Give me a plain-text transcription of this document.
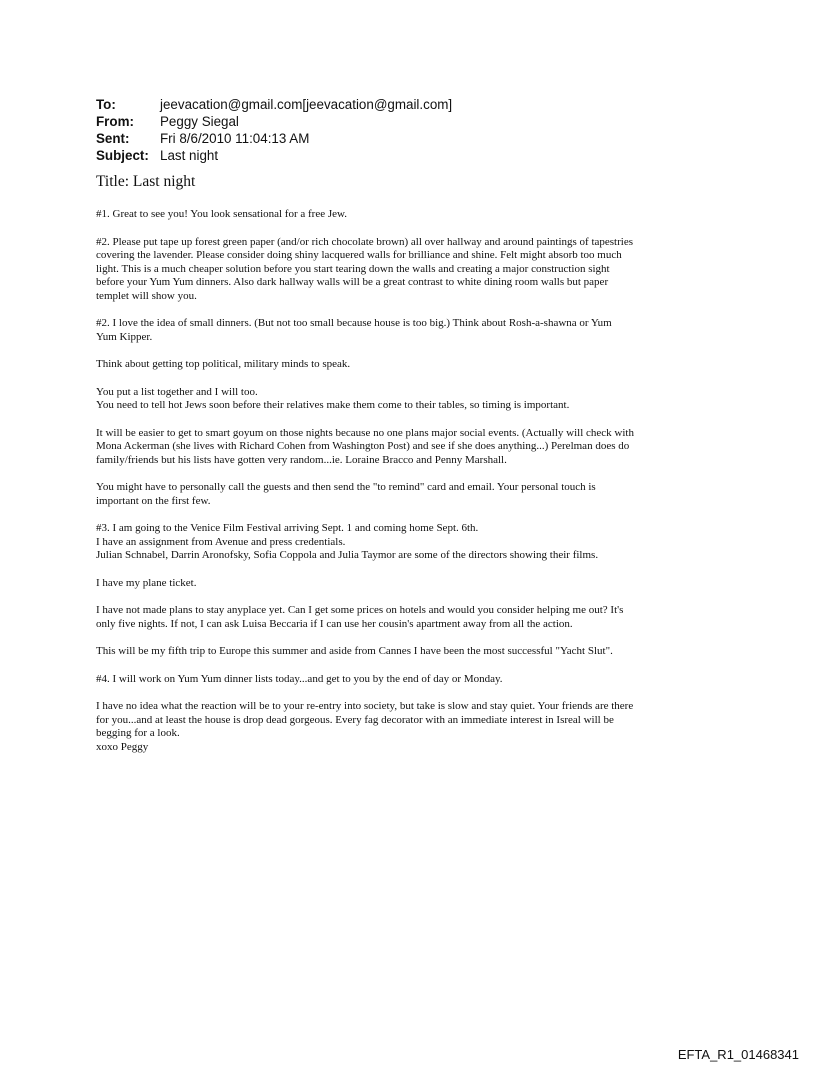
To:	jeevacation@gmail.com[jeevacation@gmail.com]
From:	Peggy Siegal
Sent:	Fri 8/6/2010 11:04:13 AM
Subject: Last night
Title: Last night
#1. Great to see you! You look sensational for a free Jew.
#2. Please put tape up forest green paper (and/or rich chocolate brown) all over hallway and around paintings of tapestries
covering the lavender. Please consider doing shiny lacquered walls for brilliance and shine. Felt might absorb too much
light. This is a much cheaper solution before you start tearing down the walls and creating a major construction sight
before your Yum Yum dinners. Also dark hallway walls will be a great contrast to white dining room walls but paper
templet will show you.
#2. I love the idea of small dinners. (But not too small because house is too big.) Think about Rosh-a-shawna or Yum
Yum Kipper.
Think about getting top political, military minds to speak.
You put a list together and I will too.
You need to tell hot Jews soon before their relatives make them come to their tables, so timing is important.
It will be easier to get to smart goyum on those nights because no one plans major social events. (Actually will check with
Mona Ackerman (she lives with Richard Cohen from Washington Post) and see if she does anything...) Perelman does do
family/friends but his lists have gotten very random...ie. Loraine Bracco and Penny Marshall.
You might have to personally call the guests and then send the "to remind" card and email. Your personal touch is
important on the first few.
#3. I am going to the Venice Film Festival arriving Sept. 1 and coming home Sept. 6th.
I have an assignment from Avenue and press credentials.
Julian Schnabel, Darrin Aronofsky, Sofia Coppola and Julia Taymor are some of the directors showing their films.
I have my plane ticket.
I have not made plans to stay anyplace yet. Can I get some prices on hotels and would you consider helping me out? It's
only five nights. If not, I can ask Luisa Beccaria if I can use her cousin's apartment away from all the action.
This will be my fifth trip to Europe this summer and aside from Cannes I have been the most successful "Yacht Slut".
#4. I will work on Yum Yum dinner lists today...and get to you by the end of day or Monday.
I have no idea what the reaction will be to your re-entry into society, but take is slow and stay quiet. Your friends are there
for you...and at least the house is drop dead gorgeous. Every fag decorator with an immediate interest in Isreal will be
begging for a look.
xoxo Peggy
EFTA_R1_01468341
